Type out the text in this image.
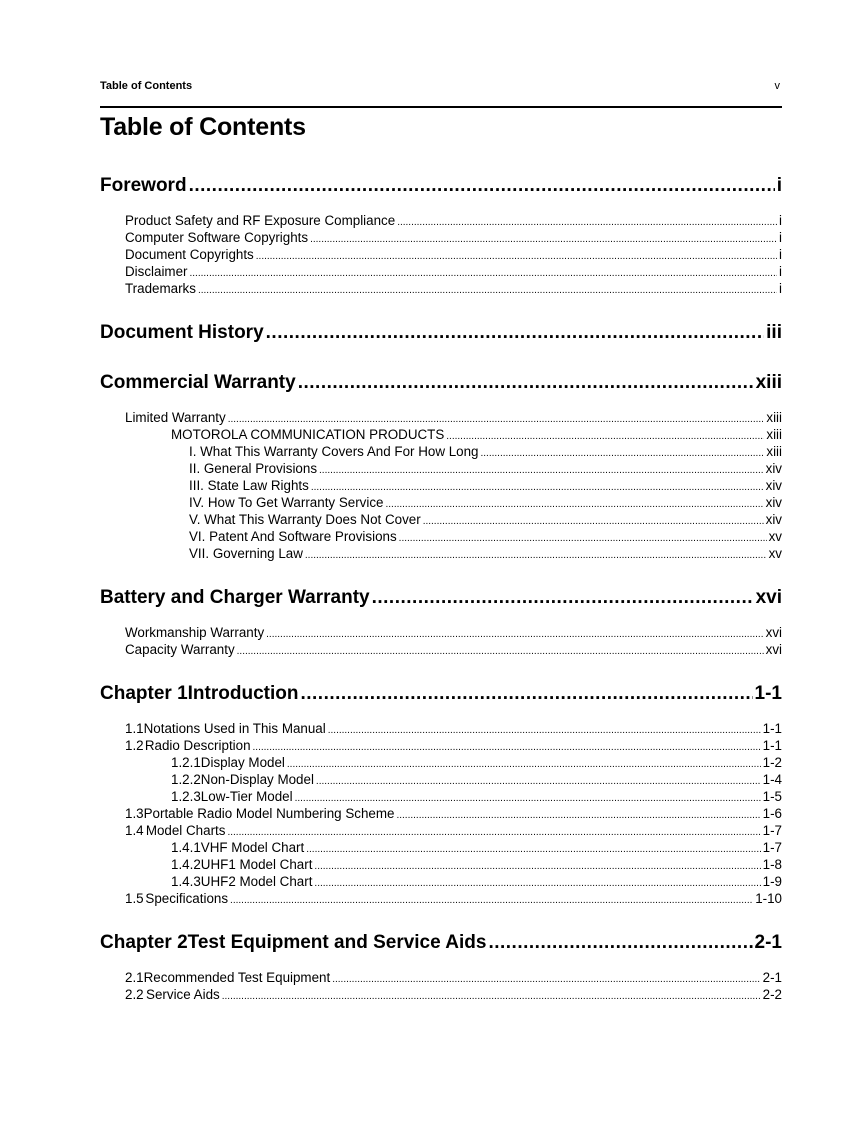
Table of Contents	v
Table of Contents
Foreword .....	i
Product Safety and RF Exposure Compliance .....	i
Computer Software Copyrights .....	i
Document Copyrights .....	i
Disclaimer .....	i
Trademarks .....	i
Document History .....	iii
Commercial Warranty .....	xiii
Limited Warranty .....	xiii
MOTOROLA COMMUNICATION PRODUCTS .....	xiii
I. What This Warranty Covers And For How Long .....	xiii
II. General Provisions .....	xiv
III. State Law Rights .....	xiv
IV. How To Get Warranty Service .....	xiv
V. What This Warranty Does Not Cover .....	xiv
VI. Patent And Software Provisions .....	xv
VII. Governing Law .....	xv
Battery and Charger Warranty .....	xvi
Workmanship Warranty .....	xvi
Capacity Warranty .....	xvi
Chapter 1 Introduction .....	1-1
1.1 Notations Used in This Manual .....	1-1
1.2 Radio Description .....	1-1
1.2.1 Display Model .....	1-2
1.2.2 Non-Display Model .....	1-4
1.2.3 Low-Tier Model .....	1-5
1.3 Portable Radio Model Numbering Scheme .....	1-6
1.4 Model Charts .....	1-7
1.4.1 VHF Model Chart .....	1-7
1.4.2 UHF1 Model Chart .....	1-8
1.4.3 UHF2 Model Chart .....	1-9
1.5 Specifications .....	1-10
Chapter 2 Test Equipment and Service Aids .....	2-1
2.1 Recommended Test Equipment .....	2-1
2.2 Service Aids .....	2-2
